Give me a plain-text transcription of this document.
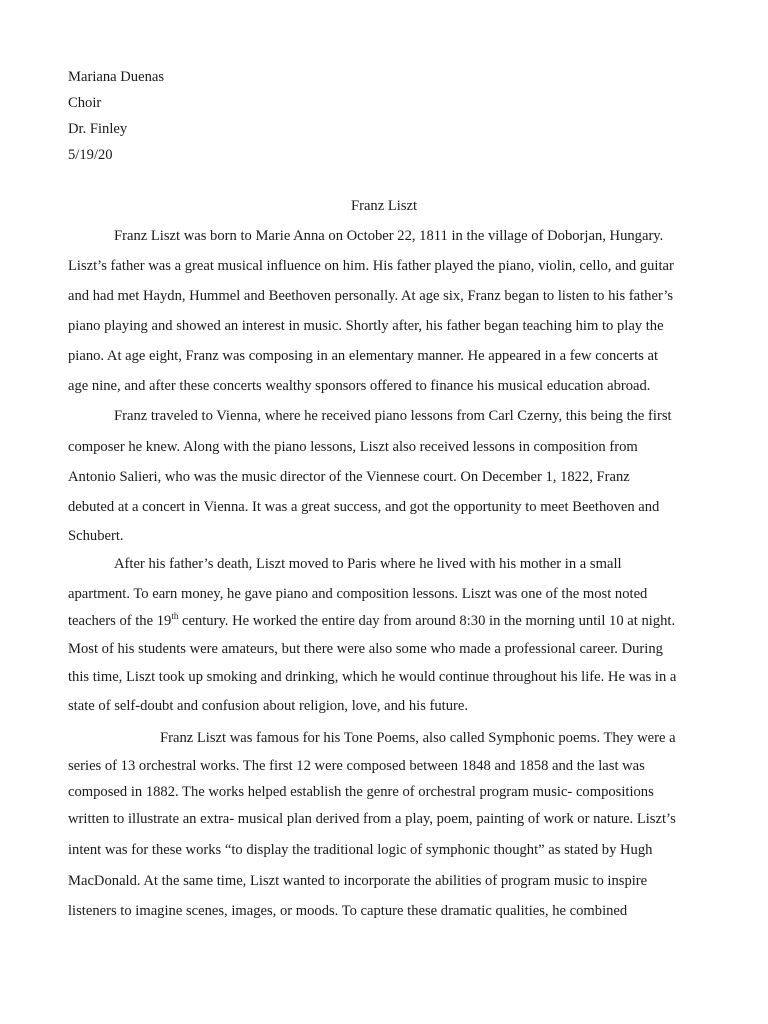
Mariana Duenas
Choir
Dr. Finley
5/19/20
Franz Liszt
Franz Liszt was born to Marie Anna on October 22, 1811 in the village of Doborjan, Hungary.
Liszt’s father was a great musical influence on him. His father played the piano, violin, cello, and guitar
and had met Haydn, Hummel and Beethoven personally. At age six, Franz began to listen to his father’s
piano playing and showed an interest in music. Shortly after, his father began teaching him to play the
piano. At age eight, Franz was composing in an elementary manner. He appeared in a few concerts at
age nine, and after these concerts wealthy sponsors offered to finance his musical education abroad.
Franz traveled to Vienna, where he received piano lessons from Carl Czerny, this being the first
composer he knew. Along with the piano lessons, Liszt also received lessons in composition from
Antonio Salieri, who was the music director of the Viennese court. On December 1, 1822, Franz
debuted at a concert in Vienna. It was a great success, and got the opportunity to meet Beethoven and
Schubert.
After his father’s death, Liszt moved to Paris where he lived with his mother in a small
apartment. To earn money, he gave piano and composition lessons. Liszt was one of the most noted
teachers of the 19th century. He worked the entire day from around 8:30 in the morning until 10 at night.
Most of his students were amateurs, but there were also some who made a professional career. During
this time, Liszt took up smoking and drinking, which he would continue throughout his life. He was in a
state of self-doubt and confusion about religion, love, and his future.
Franz Liszt was famous for his Tone Poems, also called Symphonic poems. They were a
series of 13 orchestral works. The first 12 were composed between 1848 and 1858 and the last was
composed in 1882. The works helped establish the genre of orchestral program music- compositions
written to illustrate an extra- musical plan derived from a play, poem, painting of work or nature. Liszt’s
intent was for these works “to display the traditional logic of symphonic thought” as stated by Hugh
MacDonald. At the same time, Liszt wanted to incorporate the abilities of program music to inspire
listeners to imagine scenes, images, or moods. To capture these dramatic qualities, he combined
